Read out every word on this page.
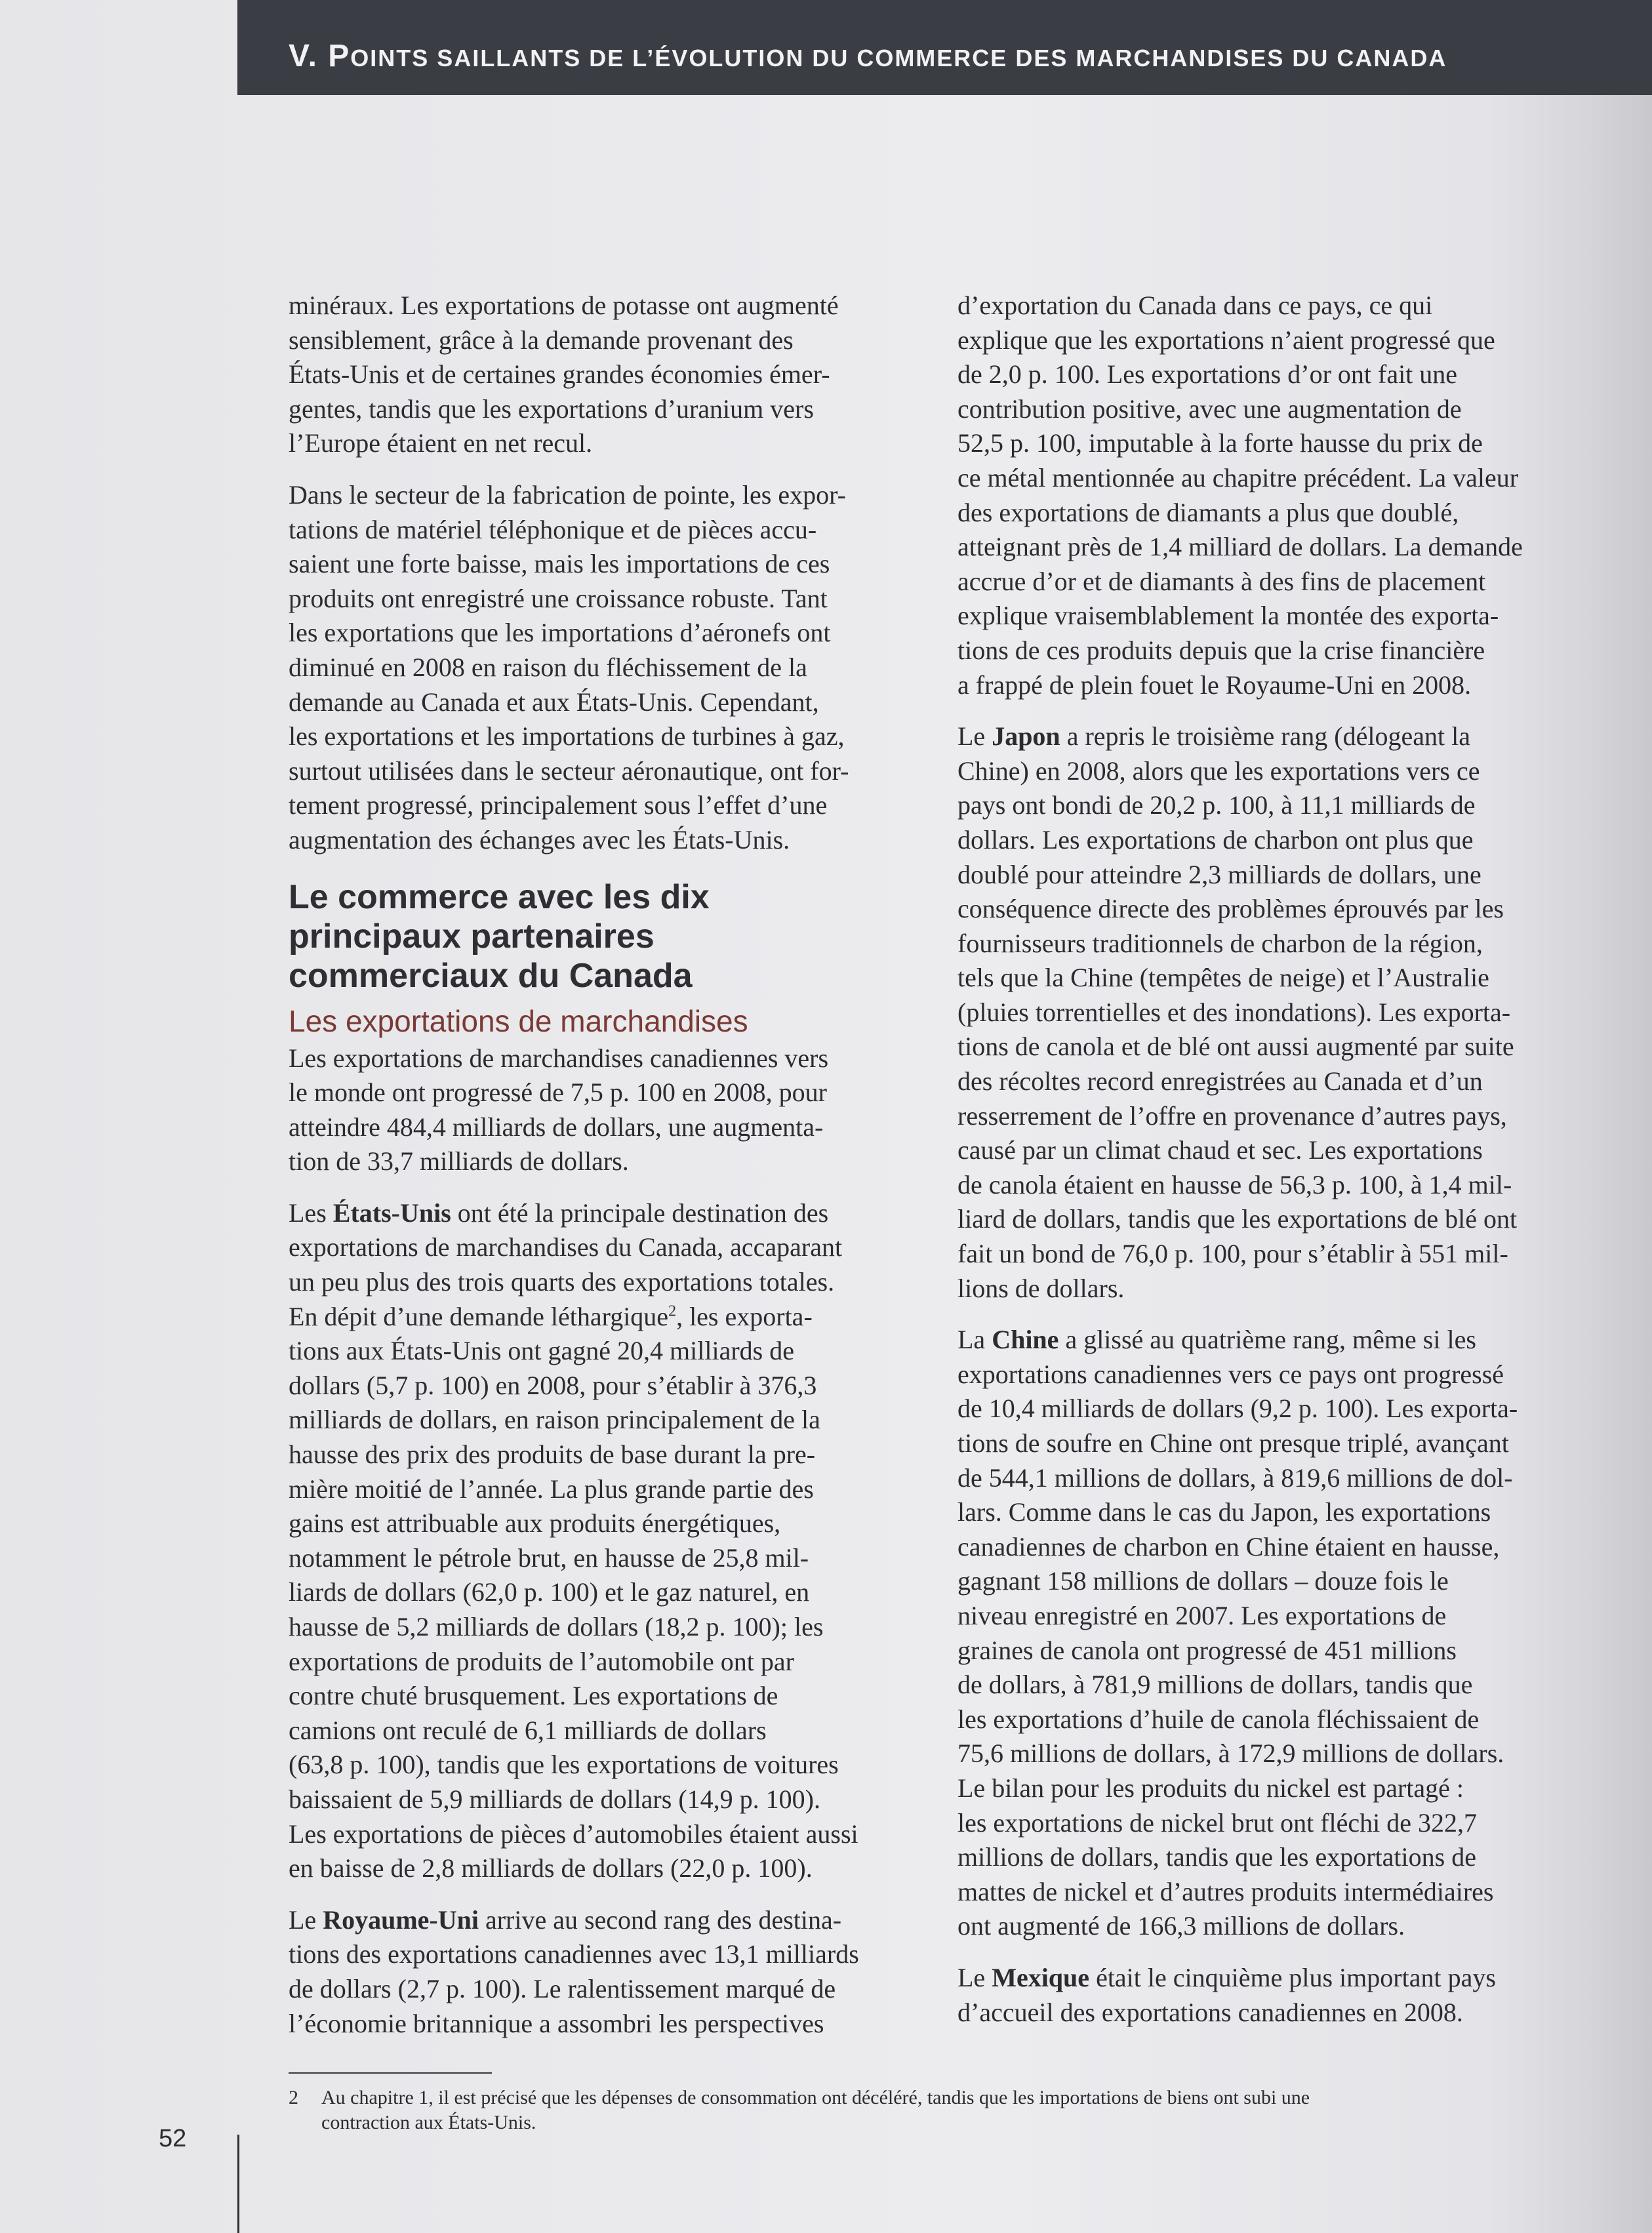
V. POINTS SAILLANTS DE L’ÉVOLUTION DU COMMERCE DES MARCHANDISES DU CANADA

minéraux. Les exportations de potasse ont augmenté
sensiblement, grâce à la demande provenant des
États-Unis et de certaines grandes économies émer-
gentes, tandis que les exportations d’uranium vers
l’Europe étaient en net recul.

Dans le secteur de la fabrication de pointe, les expor-
tations de matériel téléphonique et de pièces accu-
saient une forte baisse, mais les importations de ces
produits ont enregistré une croissance robuste. Tant
les exportations que les importations d’aéronefs ont
diminué en 2008 en raison du fléchissement de la
demande au Canada et aux États-Unis. Cependant,
les exportations et les importations de turbines à gaz,
surtout utilisées dans le secteur aéronautique, ont for-
tement progressé, principalement sous l’effet d’une
augmentation des échanges avec les États-Unis.

Le commerce avec les dix
principaux partenaires
commerciaux du Canada
Les exportations de marchandises

Les exportations de marchandises canadiennes vers
le monde ont progressé de 7,5 p. 100 en 2008, pour
atteindre 484,4 milliards de dollars, une augmenta-
tion de 33,7 milliards de dollars.

Les États-Unis ont été la principale destination des
exportations de marchandises du Canada, accaparant
un peu plus des trois quarts des exportations totales.
En dépit d’une demande léthargique$^2$, les exporta-
tions aux États-Unis ont gagné 20,4 milliards de
dollars (5,7 p. 100) en 2008, pour s’établir à 376,3
milliards de dollars, en raison principalement de la
hausse des prix des produits de base durant la pre-
mière moitié de l’année. La plus grande partie des
gains est attribuable aux produits énergétiques,
notamment le pétrole brut, en hausse de 25,8 mil-
liards de dollars (62,0 p. 100) et le gaz naturel, en
hausse de 5,2 milliards de dollars (18,2 p. 100); les
exportations de produits de l’automobile ont par
contre chuté brusquement. Les exportations de
camions ont reculé de 6,1 milliards de dollars
(63,8 p. 100), tandis que les exportations de voitures
baissaient de 5,9 milliards de dollars (14,9 p. 100).
Les exportations de pièces d’automobiles étaient aussi
en baisse de 2,8 milliards de dollars (22,0 p. 100).

Le Royaume-Uni arrive au second rang des destina-
tions des exportations canadiennes avec 13,1 milliards
de dollars (2,7 p. 100). Le ralentissement marqué de
l’économie britannique a assombri les perspectives

d’exportation du Canada dans ce pays, ce qui
explique que les exportations n’aient progressé que
de 2,0 p. 100. Les exportations d’or ont fait une
contribution positive, avec une augmentation de
52,5 p. 100, imputable à la forte hausse du prix de
ce métal mentionnée au chapitre précédent. La valeur
des exportations de diamants a plus que doublé,
atteignant près de 1,4 milliard de dollars. La demande
accrue d’or et de diamants à des fins de placement
explique vraisemblablement la montée des exporta-
tions de ces produits depuis que la crise financière
a frappé de plein fouet le Royaume-Uni en 2008.

Le Japon a repris le troisième rang (délogeant la
Chine) en 2008, alors que les exportations vers ce
pays ont bondi de 20,2 p. 100, à 11,1 milliards de
dollars. Les exportations de charbon ont plus que
doublé pour atteindre 2,3 milliards de dollars, une
conséquence directe des problèmes éprouvés par les
fournisseurs traditionnels de charbon de la région,
tels que la Chine (tempêtes de neige) et l’Australie
(pluies torrentielles et des inondations). Les exporta-
tions de canola et de blé ont aussi augmenté par suite
des récoltes record enregistrées au Canada et d’un
resserrement de l’offre en provenance d’autres pays,
causé par un climat chaud et sec. Les exportations
de canola étaient en hausse de 56,3 p. 100, à 1,4 mil-
liard de dollars, tandis que les exportations de blé ont
fait un bond de 76,0 p. 100, pour s’établir à 551 mil-
lions de dollars.

La Chine a glissé au quatrième rang, même si les
exportations canadiennes vers ce pays ont progressé
de 10,4 milliards de dollars (9,2 p. 100). Les exporta-
tions de soufre en Chine ont presque triplé, avançant
de 544,1 millions de dollars, à 819,6 millions de dol-
lars. Comme dans le cas du Japon, les exportations
canadiennes de charbon en Chine étaient en hausse,
gagnant 158 millions de dollars – douze fois le
niveau enregistré en 2007. Les exportations de
graines de canola ont progressé de 451 millions
de dollars, à 781,9 millions de dollars, tandis que
les exportations d’huile de canola fléchissaient de
75,6 millions de dollars, à 172,9 millions de dollars.
Le bilan pour les produits du nickel est partagé :
les exportations de nickel brut ont fléchi de 322,7
millions de dollars, tandis que les exportations de
mattes de nickel et d’autres produits intermédiaires
ont augmenté de 166,3 millions de dollars.

Le Mexique était le cinquième plus important pays
d’accueil des exportations canadiennes en 2008.

2 Au chapitre 1, il est précisé que les dépenses de consommation ont décéléré, tandis que les importations de biens ont subi une
contraction aux États-Unis.
52
